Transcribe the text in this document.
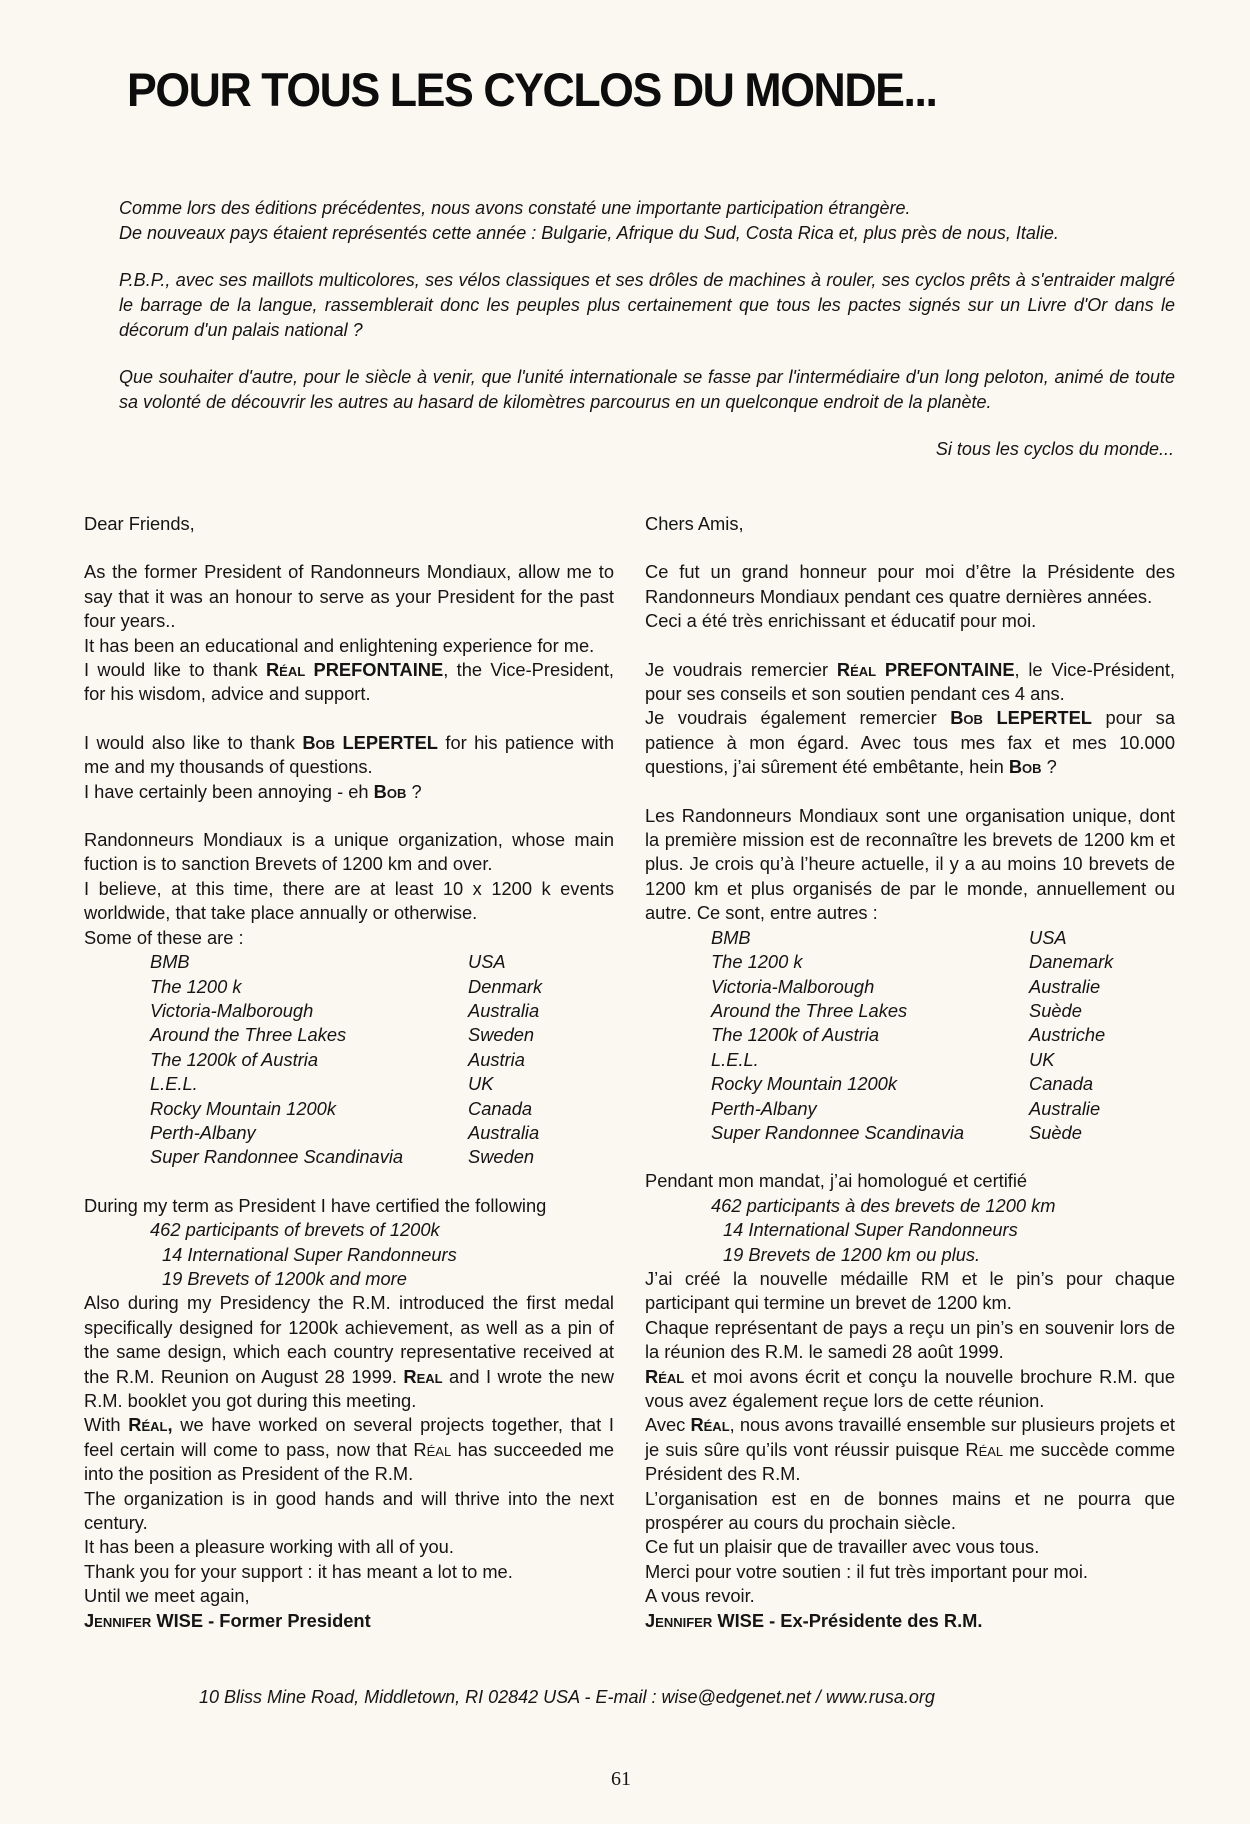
POUR TOUS LES CYCLOS DU MONDE...

Comme lors des éditions précédentes, nous avons constaté une importante participation étrangère.

De nouveaux pays étaient représentés cette année : Bulgarie, Afrique du Sud, Costa Rica et, plus près de nous, Italie.

P.B.P., avec ses maillots multicolores, ses vélos classiques et ses drôles de machines à rouler, ses cyclos prêts à s'entraider malgré le barrage de la langue, rassemblerait donc les peuples plus certainement que tous les pactes signés sur un Livre d'Or dans le décorum d'un palais national ?

Que souhaiter d'autre, pour le siècle à venir, que l'unité internationale se fasse par l'intermédiaire d'un long peloton, animé de toute sa volonté de découvrir les autres au hasard de kilomètres parcourus en un quelconque endroit de la planète.

Si tous les cyclos du monde...

Dear Friends,

As the former President of Randonneurs Mondiaux, allow me to say that it was an honour to serve as your President for the past four years..

It has been an educational and enlightening experience for me.

I would like to thank Réal PREFONTAINE, the Vice-President, for his wisdom, advice and support.

I would also like to thank Bob LEPERTEL for his patience with me and my thousands of questions.

I have certainly been annoying - eh Bob ?

Randonneurs Mondiaux is a unique organization, whose main fuction is to sanction Brevets of 1200 km and over.

I believe, at this time, there are at least 10 x 1200 k events worldwide, that take place annually or otherwise.

Some of these are :

BMB	USA
The 1200 k	Denmark
Victoria-Malborough	Australia
Around the Three Lakes	Sweden
The 1200k of Austria	Austria
L.E.L.	UK
Rocky Mountain 1200k	Canada
Perth-Albany	Australia
Super Randonnee Scandinavia	Sweden

During my term as President I have certified the following

462 participants of brevets of 1200k
14 International Super Randonneurs
19 Brevets of 1200k and more

Also during my Presidency the R.M. introduced the first medal specifically designed for 1200k achievement, as well as a pin of the same design, which each country representative received at the R.M. Reunion on August 28 1999. Real and I wrote the new R.M. booklet you got during this meeting.

With Réal, we have worked on several projects together, that I feel certain will come to pass, now that Réal has succeeded me into the position as President of the R.M.

The organization is in good hands and will thrive into the next century.

It has been a pleasure working with all of you.

Thank you for your support : it has meant a lot to me.

Until we meet again,

Jennifer WISE - Former President

Chers Amis,

Ce fut un grand honneur pour moi d’être la Présidente des Randonneurs Mondiaux pendant ces quatre dernières années.

Ceci a été très enrichissant et éducatif pour moi.

Je voudrais remercier Réal PREFONTAINE, le Vice-Président, pour ses conseils et son soutien pendant ces 4 ans.

Je voudrais également remercier Bob LEPERTEL pour sa patience à mon égard. Avec tous mes fax et mes 10.000 questions, j’ai sûrement été embêtante, hein Bob ?

Les Randonneurs Mondiaux sont une organisation unique, dont la première mission est de reconnaître les brevets de 1200 km et plus. Je crois qu’à l’heure actuelle, il y a au moins 10 brevets de 1200 km et plus organisés de par le monde, annuellement ou autre. Ce sont, entre autres :

BMB	USA
The 1200 k	Danemark
Victoria-Malborough	Australie
Around the Three Lakes	Suède
The 1200k of Austria	Austriche
L.E.L.	UK
Rocky Mountain 1200k	Canada
Perth-Albany	Australie
Super Randonnee Scandinavia	Suède

Pendant mon mandat, j’ai homologué et certifié

462 participants à des brevets de 1200 km
14 International Super Randonneurs
19 Brevets de 1200 km ou plus.

J’ai créé la nouvelle médaille RM et le pin’s pour chaque participant qui termine un brevet de 1200 km.

Chaque représentant de pays a reçu un pin’s en souvenir lors de la réunion des R.M. le samedi 28 août 1999.

Réal et moi avons écrit et conçu la nouvelle brochure R.M. que vous avez également reçue lors de cette réunion.

Avec Réal, nous avons travaillé ensemble sur plusieurs projets et je suis sûre qu’ils vont réussir puisque Réal me succède comme Président des R.M.

L’organisation est en de bonnes mains et ne pourra que prospérer au cours du prochain siècle.

Ce fut un plaisir que de travailler avec vous tous.

Merci pour votre soutien : il fut très important pour moi.

A vous revoir.

Jennifer WISE - Ex-Présidente des R.M.

10 Bliss Mine Road, Middletown, RI 02842 USA - E-mail : wise@edgenet.net / www.rusa.org
61
